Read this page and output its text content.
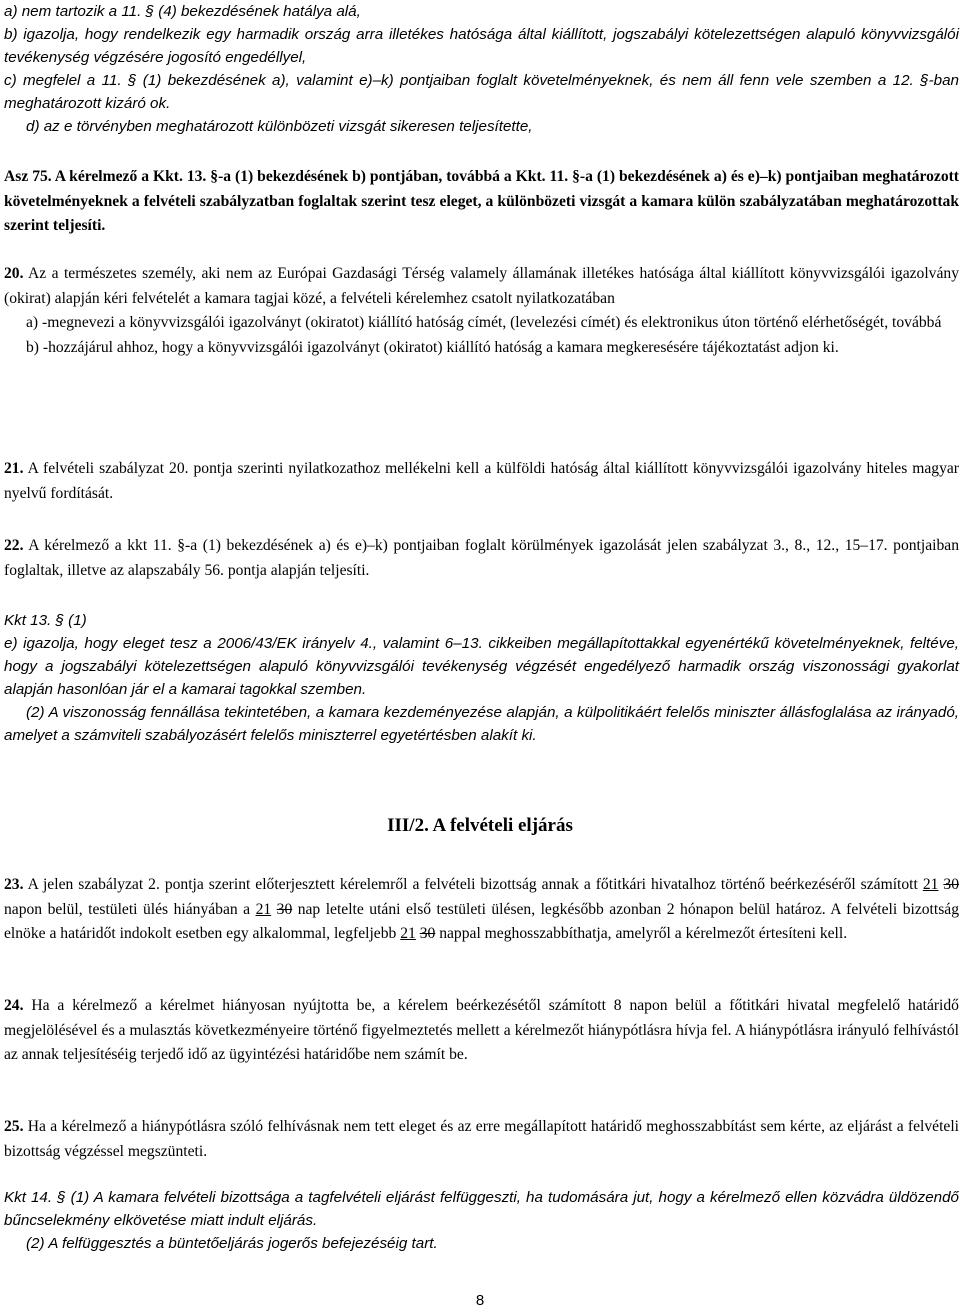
a) nem tartozik a 11. § (4) bekezdésének hatálya alá,

b) igazolja, hogy rendelkezik egy harmadik ország arra illetékes hatósága által kiállított, jogszabályi kötelezettségen alapuló könyvvizsgálói tevékenység végzésére jogosító engedéllyel,

c) megfelel a 11. § (1) bekezdésének a), valamint e)–k) pontjaiban foglalt követelményeknek, és nem áll fenn vele szemben a 12. §-ban meghatározott kizáró ok.

d) az e törvényben meghatározott különbözeti vizsgát sikeresen teljesítette,

Asz 75. A kérelmező a Kkt. 13. §-a (1) bekezdésének b) pontjában, továbbá a Kkt. 11. §-a (1) bekezdésének a) és e)–k) pontjaiban meghatározott követelményeknek a felvételi szabályzatban foglaltak szerint tesz eleget, a különbözeti vizsgát a kamara külön szabályzatában meghatározottak szerint teljesíti.

20. Az a természetes személy, aki nem az Európai Gazdasági Térség valamely államának illetékes hatósága által kiállított könyvvizsgálói igazolvány (okirat) alapján kéri felvételét a kamara tagjai közé, a felvételi kérelemhez csatolt nyilatkozatában

a) -megnevezi a könyvvizsgálói igazolványt (okiratot) kiállító hatóság címét, (levelezési címét) és elektronikus úton történő elérhetőségét, továbbá

b) -hozzájárul ahhoz, hogy a könyvvizsgálói igazolványt (okiratot) kiállító hatóság a kamara megkeresésére tájékoztatást adjon ki.

21. A felvételi szabályzat 20. pontja szerinti nyilatkozathoz mellékelni kell a külföldi hatóság által kiállított könyvvizsgálói igazolvány hiteles magyar nyelvű fordítását.

22. A kérelmező a kkt 11. §-a (1) bekezdésének a) és e)–k) pontjaiban foglalt körülmények igazolását jelen szabályzat 3., 8., 12., 15–17. pontjaiban foglaltak, illetve az alapszabály 56. pontja alapján teljesíti.

Kkt 13. § (1)

e) igazolja, hogy eleget tesz a 2006/43/EK irányelv 4., valamint 6–13. cikkeiben megállapítottakkal egyenértékű követelményeknek, feltéve, hogy a jogszabályi kötelezettségen alapuló könyvvizsgálói tevékenység végzését engedélyező harmadik ország viszonossági gyakorlat alapján hasonlóan jár el a kamarai tagokkal szemben.

(2) A viszonosság fennállása tekintetében, a kamara kezdeményezése alapján, a külpolitikáért felelős miniszter állásfoglalása az irányadó, amelyet a számviteli szabályozásért felelős miniszterrel egyetértésben alakít ki.

III/2. A felvételi eljárás

23. A jelen szabályzat 2. pontja szerint előterjesztett kérelemről a felvételi bizottság annak a főtitkári hivatalhoz történő beérkezéséről számított 21 30 napon belül, testületi ülés hiányában a 21 30 nap letelte utáni első testületi ülésen, legkésőbb azonban 2 hónapon belül határoz. A felvételi bizottság elnöke a határidőt indokolt esetben egy alkalommal, legfeljebb 21 30 nappal meghosszabbíthatja, amelyről a kérelmezőt értesíteni kell.

24. Ha a kérelmező a kérelmet hiányosan nyújtotta be, a kérelem beérkezésétől számított 8 napon belül a főtitkári hivatal megfelelő határidő megjelölésével és a mulasztás következményeire történő figyelmeztetés mellett a kérelmezőt hiánypótlásra hívja fel. A hiánypótlásra irányuló felhívástól az annak teljesítéséig terjedő idő az ügyintézési határidőbe nem számít be.

25. Ha a kérelmező a hiánypótlásra szóló felhívásnak nem tett eleget és az erre megállapított határidő meghosszabbítást sem kérte, az eljárást a felvételi bizottság végzéssel megszünteti.

Kkt 14. § (1) A kamara felvételi bizottsága a tagfelvételi eljárást felfüggeszti, ha tudomására jut, hogy a kérelmező ellen közvádra üldözendő bűncselekmény elkövetése miatt indult eljárás.

(2) A felfüggesztés a büntetőeljárás jogerős befejezéséig tart.

8
